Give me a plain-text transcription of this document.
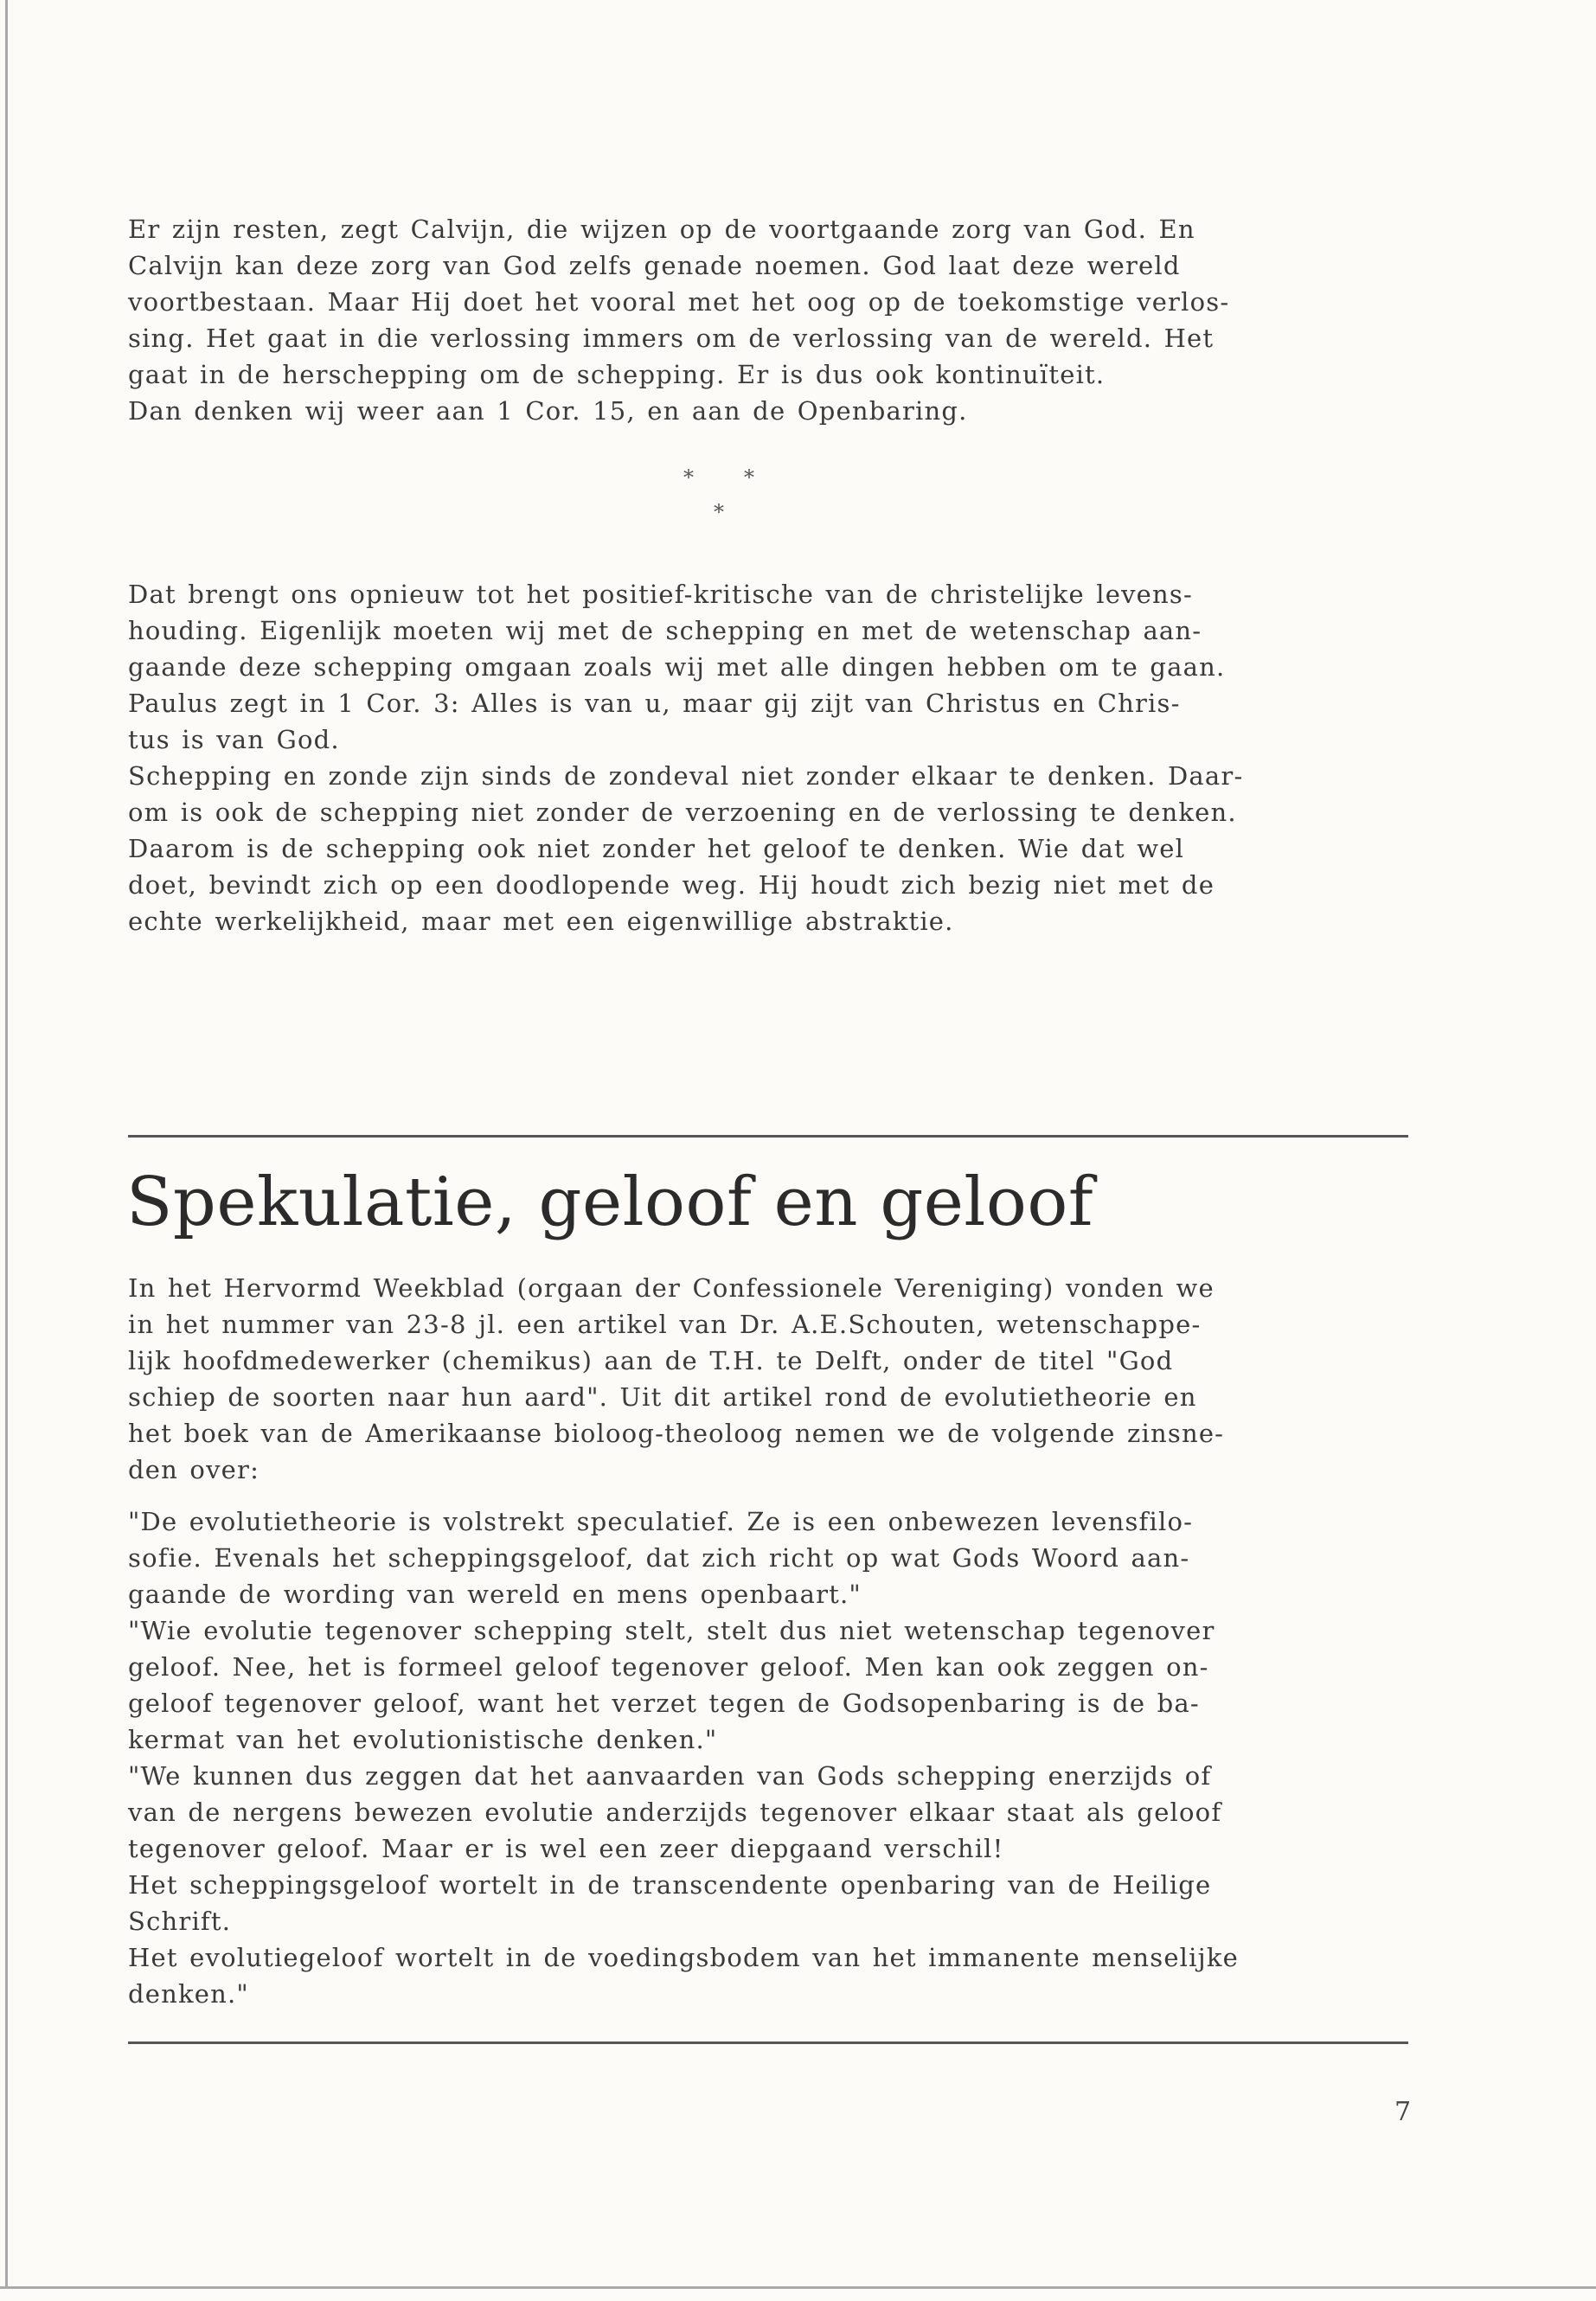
Er zijn resten, zegt Calvijn, die wijzen op de voortgaande zorg van God. En
Calvijn kan deze zorg van God zelfs genade noemen. God laat deze wereld
voortbestaan. Maar Hij doet het vooral met het oog op de toekomstige verlos-
sing. Het gaat in die verlossing immers om de verlossing van de wereld. Het
gaat in de herschepping om de schepping. Er is dus ook kontinuïteit.
Dan denken wij weer aan 1 Cor. 15, en aan de Openbaring.

* *
*

Dat brengt ons opnieuw tot het positief-kritische van de christelijke levens-
houding. Eigenlijk moeten wij met de schepping en met de wetenschap aan-
gaande deze schepping omgaan zoals wij met alle dingen hebben om te gaan.
Paulus zegt in 1 Cor. 3: Alles is van u, maar gij zijt van Christus en Chris-
tus is van God.
Schepping en zonde zijn sinds de zondeval niet zonder elkaar te denken. Daar-
om is ook de schepping niet zonder de verzoening en de verlossing te denken.
Daarom is de schepping ook niet zonder het geloof te denken. Wie dat wel
doet, bevindt zich op een doodlopende weg. Hij houdt zich bezig niet met de
echte werkelijkheid, maar met een eigenwillige abstraktie.

Spekulatie, geloof en geloof

In het Hervormd Weekblad (orgaan der Confessionele Vereniging) vonden we
in het nummer van 23-8 jl. een artikel van Dr. A.E.Schouten, wetenschappe-
lijk hoofdmedewerker (chemikus) aan de T.H. te Delft, onder de titel "God
schiep de soorten naar hun aard". Uit dit artikel rond de evolutietheorie en
het boek van de Amerikaanse bioloog-theoloog nemen we de volgende zinsne-
den over:

"De evolutietheorie is volstrekt speculatief. Ze is een onbewezen levensfilo-
sofie. Evenals het scheppingsgeloof, dat zich richt op wat Gods Woord aan-
gaande de wording van wereld en mens openbaart."
"Wie evolutie tegenover schepping stelt, stelt dus niet wetenschap tegenover
geloof. Nee, het is formeel geloof tegenover geloof. Men kan ook zeggen on-
geloof tegenover geloof, want het verzet tegen de Godsopenbaring is de ba-
kermat van het evolutionistische denken."
"We kunnen dus zeggen dat het aanvaarden van Gods schepping enerzijds of
van de nergens bewezen evolutie anderzijds tegenover elkaar staat als geloof
tegenover geloof. Maar er is wel een zeer diepgaand verschil!
Het scheppingsgeloof wortelt in de transcendente openbaring van de Heilige
Schrift.
Het evolutiegeloof wortelt in de voedingsbodem van het immanente menselijke
denken."

7
